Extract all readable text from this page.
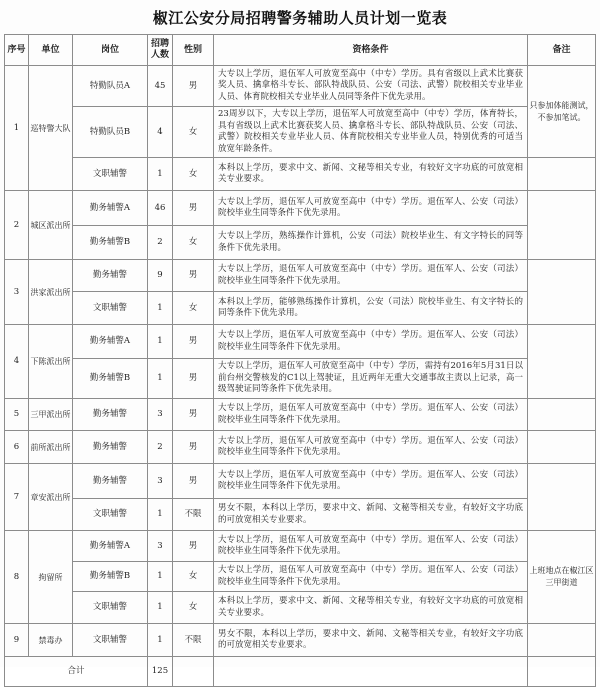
椒江公安分局招聘警务辅助人员计划一览表
序号	单位	岗位	招聘人数	性别	资格条件	备注
1	巡特警大队	特勤队员A	45	男	大专以上学历，退伍军人可放宽至高中（中专）学历。具有省级以上武术比赛获奖人员、擒拿格斗专长、部队特战队员、公安（司法、武警）院校相关专业毕业人员、体育院校相关专业毕业人员同等条件下优先录用。	只参加体能测试，不参加笔试。
		特勤队员B	4	女	23周岁以下，大专以上学历，退伍军人可放宽至高中（中专）学历，体育特长，具有省级以上武术比赛获奖人员、擒拿格斗专长、部队特战队员、公安（司法、武警）院校相关专业毕业人员、体育院校相关专业毕业人员，特别优秀的可适当放宽年龄条件。	
		文职辅警	1	女	本科以上学历，要求中文、新闻、文秘等相关专业，有较好文字功底的可放宽相关专业要求。	
2	城区派出所	勤务辅警A	46	男	大专以上学历，退伍军人可放宽至高中（中专）学历。退伍军人、公安（司法）院校毕业生同等条件下优先录用。	
		勤务辅警B	2	女	大专以上学历，熟练操作计算机，公安（司法）院校毕业生、有文字特长的同等条件下优先录用。	
3	洪家派出所	勤务辅警	9	男	大专以上学历，退伍军人可放宽至高中（中专）学历。退伍军人、公安（司法）院校毕业生同等条件下优先录用。	
		文职辅警	1	女	本科以上学历，能够熟练操作计算机，公安（司法）院校毕业生、有文字特长的同等条件下优先录用。	
4	下陈派出所	勤务辅警A	1	男	大专以上学历，退伍军人可放宽至高中（中专）学历。退伍军人、公安（司法）院校毕业生同等条件下优先录用。	
		勤务辅警B	1	男	大专以上学历，退伍军人可放宽至高中（中专）学历，需持有2016年5月31日以前台州交警核发的C1以上驾驶证，且近两年无重大交通事故主责以上记录，高一级驾驶证同等条件下优先录用。	
5	三甲派出所	勤务辅警	3	男	大专以上学历，退伍军人可放宽至高中（中专）学历。退伍军人、公安（司法）院校毕业生同等条件下优先录用。	
6	前所派出所	勤务辅警	2	男	大专以上学历，退伍军人可放宽至高中（中专）学历。退伍军人、公安（司法）院校毕业生同等条件下优先录用。	
7	章安派出所	勤务辅警	3	男	大专以上学历，退伍军人可放宽至高中（中专）学历。退伍军人、公安（司法）院校毕业生同等条件下优先录用。	
		文职辅警	1	不限	男女不限，本科以上学历，要求中文、新闻、文秘等相关专业，有较好文字功底的可放宽相关专业要求。	
8	拘留所	勤务辅警A	3	男	大专以上学历，退伍军人可放宽至高中（中专）学历。退伍军人、公安（司法）院校毕业生同等条件下优先录用。	上班地点在椒江区三甲街道
		勤务辅警B	1	女	大专以上学历，退伍军人可放宽至高中（中专）学历。退伍军人、公安（司法）院校毕业生同等条件下优先录用。	
		文职辅警	1	女	本科以上学历，要求中文、新闻、文秘等相关专业，有较好文字功底的可放宽相关专业要求。	
9	禁毒办	文职辅警	1	不限	男女不限，本科以上学历，要求中文、新闻、文秘等相关专业，有较好文字功底的可放宽相关专业要求。	
合计			125			
